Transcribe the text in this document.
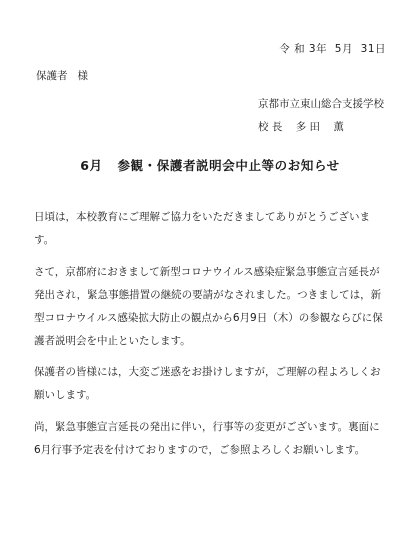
令 和 3年  5月  31日
保護者   様
京都市立東山総合支援学校
校 長    多 田    薫
6月   参観・保護者説明会中止等のお知らせ

日頃は，本校教育にご理解ご協力をいただきましてありがとうございます。

さて，京都府におきまして新型コロナウイルス感染症緊急事態宣言延長が発出され，緊急事態措置の継続の要請がなされました。つきましては，新型コロナウイルス感染拡大防止の観点から6月9日（木）の参観ならびに保護者説明会を中止といたします。

保護者の皆様には，大変ご迷惑をお掛けしますが，ご理解の程よろしくお願いします。

尚，緊急事態宣言延長の発出に伴い，行事等の変更がございます。裏面に6月行事予定表を付けておりますので，ご参照よろしくお願いします。
